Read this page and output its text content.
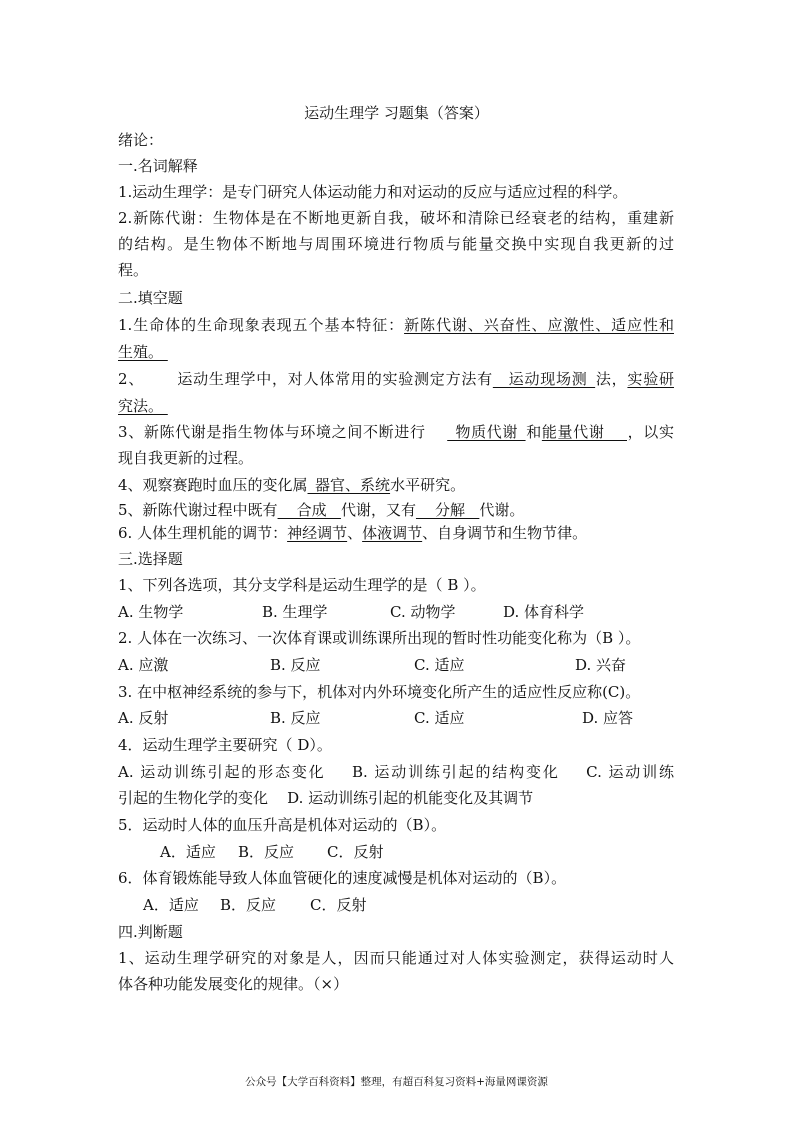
运动生理学 习题集（答案）
绪论：
一.名词解释
1.运动生理学：是专门研究人体运动能力和对运动的反应与适应过程的科学。
2.新陈代谢：生物体是在不断地更新自我，破坏和清除已经衰老的结构，重建新
的结构。是生物体不断地与周围环境进行物质与能量交换中实现自我更新的过
程。
二.填空题
1.生命体的生命现象表现五个基本特征：新陈代谢、兴奋性、应激性、适应性和
生殖。
2、      运动生理学中，对人体常用的实验测定方法有__运动现场测_法，实验研
究法。
3、新陈代谢是指生物体与环境之间不断进行    _物质代谢_和能量代谢___，以实
现自我更新的过程。
4、观察赛跑时血压的变化属_器官、系统水平研究。
5、新陈代谢过程中既有    合成   代谢，又有    分解   代谢。
6. 人体生理机能的调节：神经调节、体液调节、自身调节和生物节律。
三.选择题
1、下列各选项，其分支学科是运动生理学的是（ B ）。
A. 生物学	B. 生理学	C. 动物学	D. 体育科学
2. 人体在一次练习、一次体育课或训练课所出现的暂时性功能变化称为（B ）。
A. 应激	B. 反应	C. 适应	D. 兴奋
3. 在中枢神经系统的参与下，机体对内外环境变化所产生的适应性反应称(C)。
A. 反射	B. 反应	C. 适应	D. 应答
4．运动生理学主要研究（ D）。
A. 运动训练引起的形态变化    B. 运动训练引起的结构变化    C. 运动训练
引起的生物化学的变化    D. 运动训练引起的机能变化及其调节
5．运动时人体的血压升高是机体对运动的（B）。
A．适应 B．反应 C．反射
6．体育锻炼能导致人体血管硬化的速度减慢是机体对运动的（B）。
A．适应 B．反应 C．反射
四.判断题
1、运动生理学研究的对象是人，因而只能通过对人体实验测定，获得运动时人
体各种功能发展变化的规律。（×）
公众号【大学百科资料】整理，有超百科复习资料+海量网课资源
